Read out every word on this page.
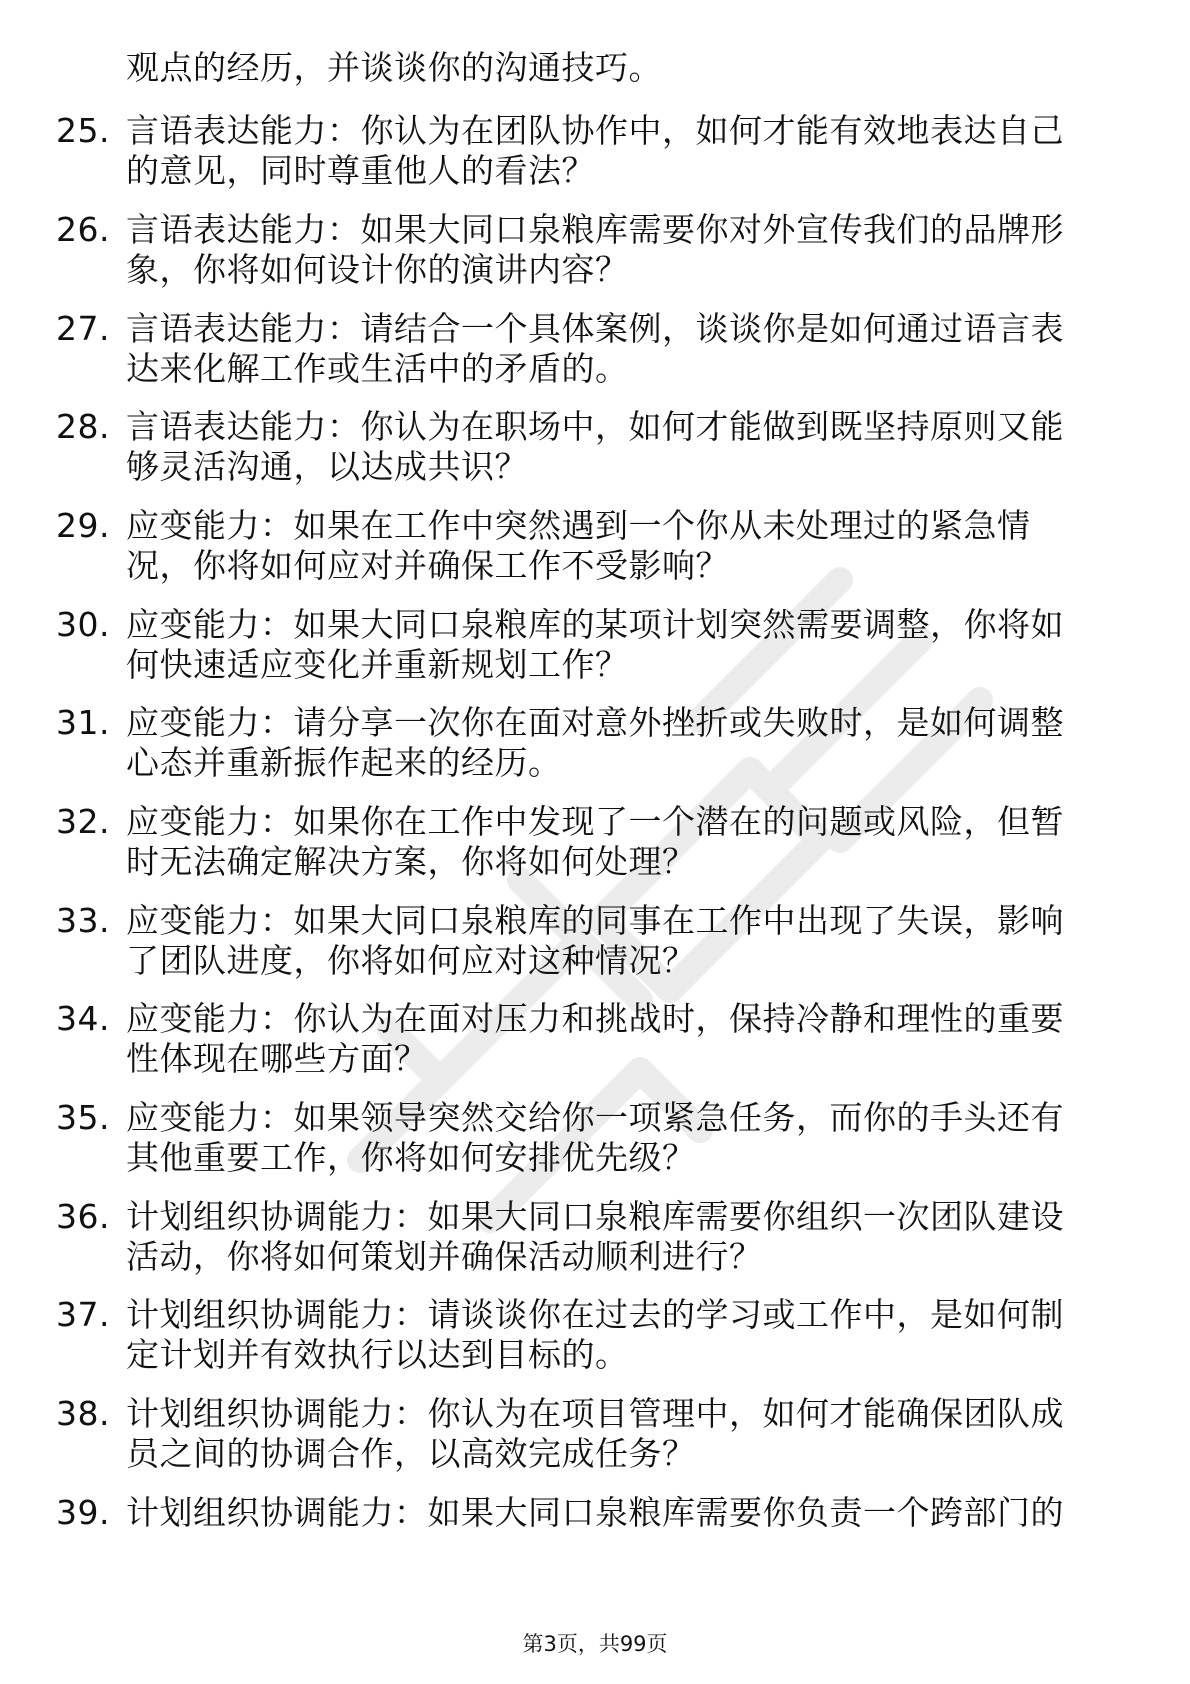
观点的经历，并谈谈你的沟通技巧。
25. 言语表达能力：你认为在团队协作中，如何才能有效地表达自己
的意见，同时尊重他人的看法？
26. 言语表达能力：如果大同口泉粮库需要你对外宣传我们的品牌形
象，你将如何设计你的演讲内容？
27. 言语表达能力：请结合一个具体案例，谈谈你是如何通过语言表
达来化解工作或生活中的矛盾的。
28. 言语表达能力：你认为在职场中，如何才能做到既坚持原则又能
够灵活沟通，以达成共识？
29. 应变能力：如果在工作中突然遇到一个你从未处理过的紧急情
况，你将如何应对并确保工作不受影响？
30. 应变能力：如果大同口泉粮库的某项计划突然需要调整，你将如
何快速适应变化并重新规划工作？
31. 应变能力：请分享一次你在面对意外挫折或失败时，是如何调整
心态并重新振作起来的经历。
32. 应变能力：如果你在工作中发现了一个潜在的问题或风险，但暂
时无法确定解决方案，你将如何处理？
33. 应变能力：如果大同口泉粮库的同事在工作中出现了失误，影响
了团队进度，你将如何应对这种情况？
34. 应变能力：你认为在面对压力和挑战时，保持冷静和理性的重要
性体现在哪些方面？
35. 应变能力：如果领导突然交给你一项紧急任务，而你的手头还有
其他重要工作，你将如何安排优先级？
36. 计划组织协调能力：如果大同口泉粮库需要你组织一次团队建设
活动，你将如何策划并确保活动顺利进行？
37. 计划组织协调能力：请谈谈你在过去的学习或工作中，是如何制
定计划并有效执行以达到目标的。
38. 计划组织协调能力：你认为在项目管理中，如何才能确保团队成
员之间的协调合作，以高效完成任务？
39. 计划组织协调能力：如果大同口泉粮库需要你负责一个跨部门的
第3页，共99页
